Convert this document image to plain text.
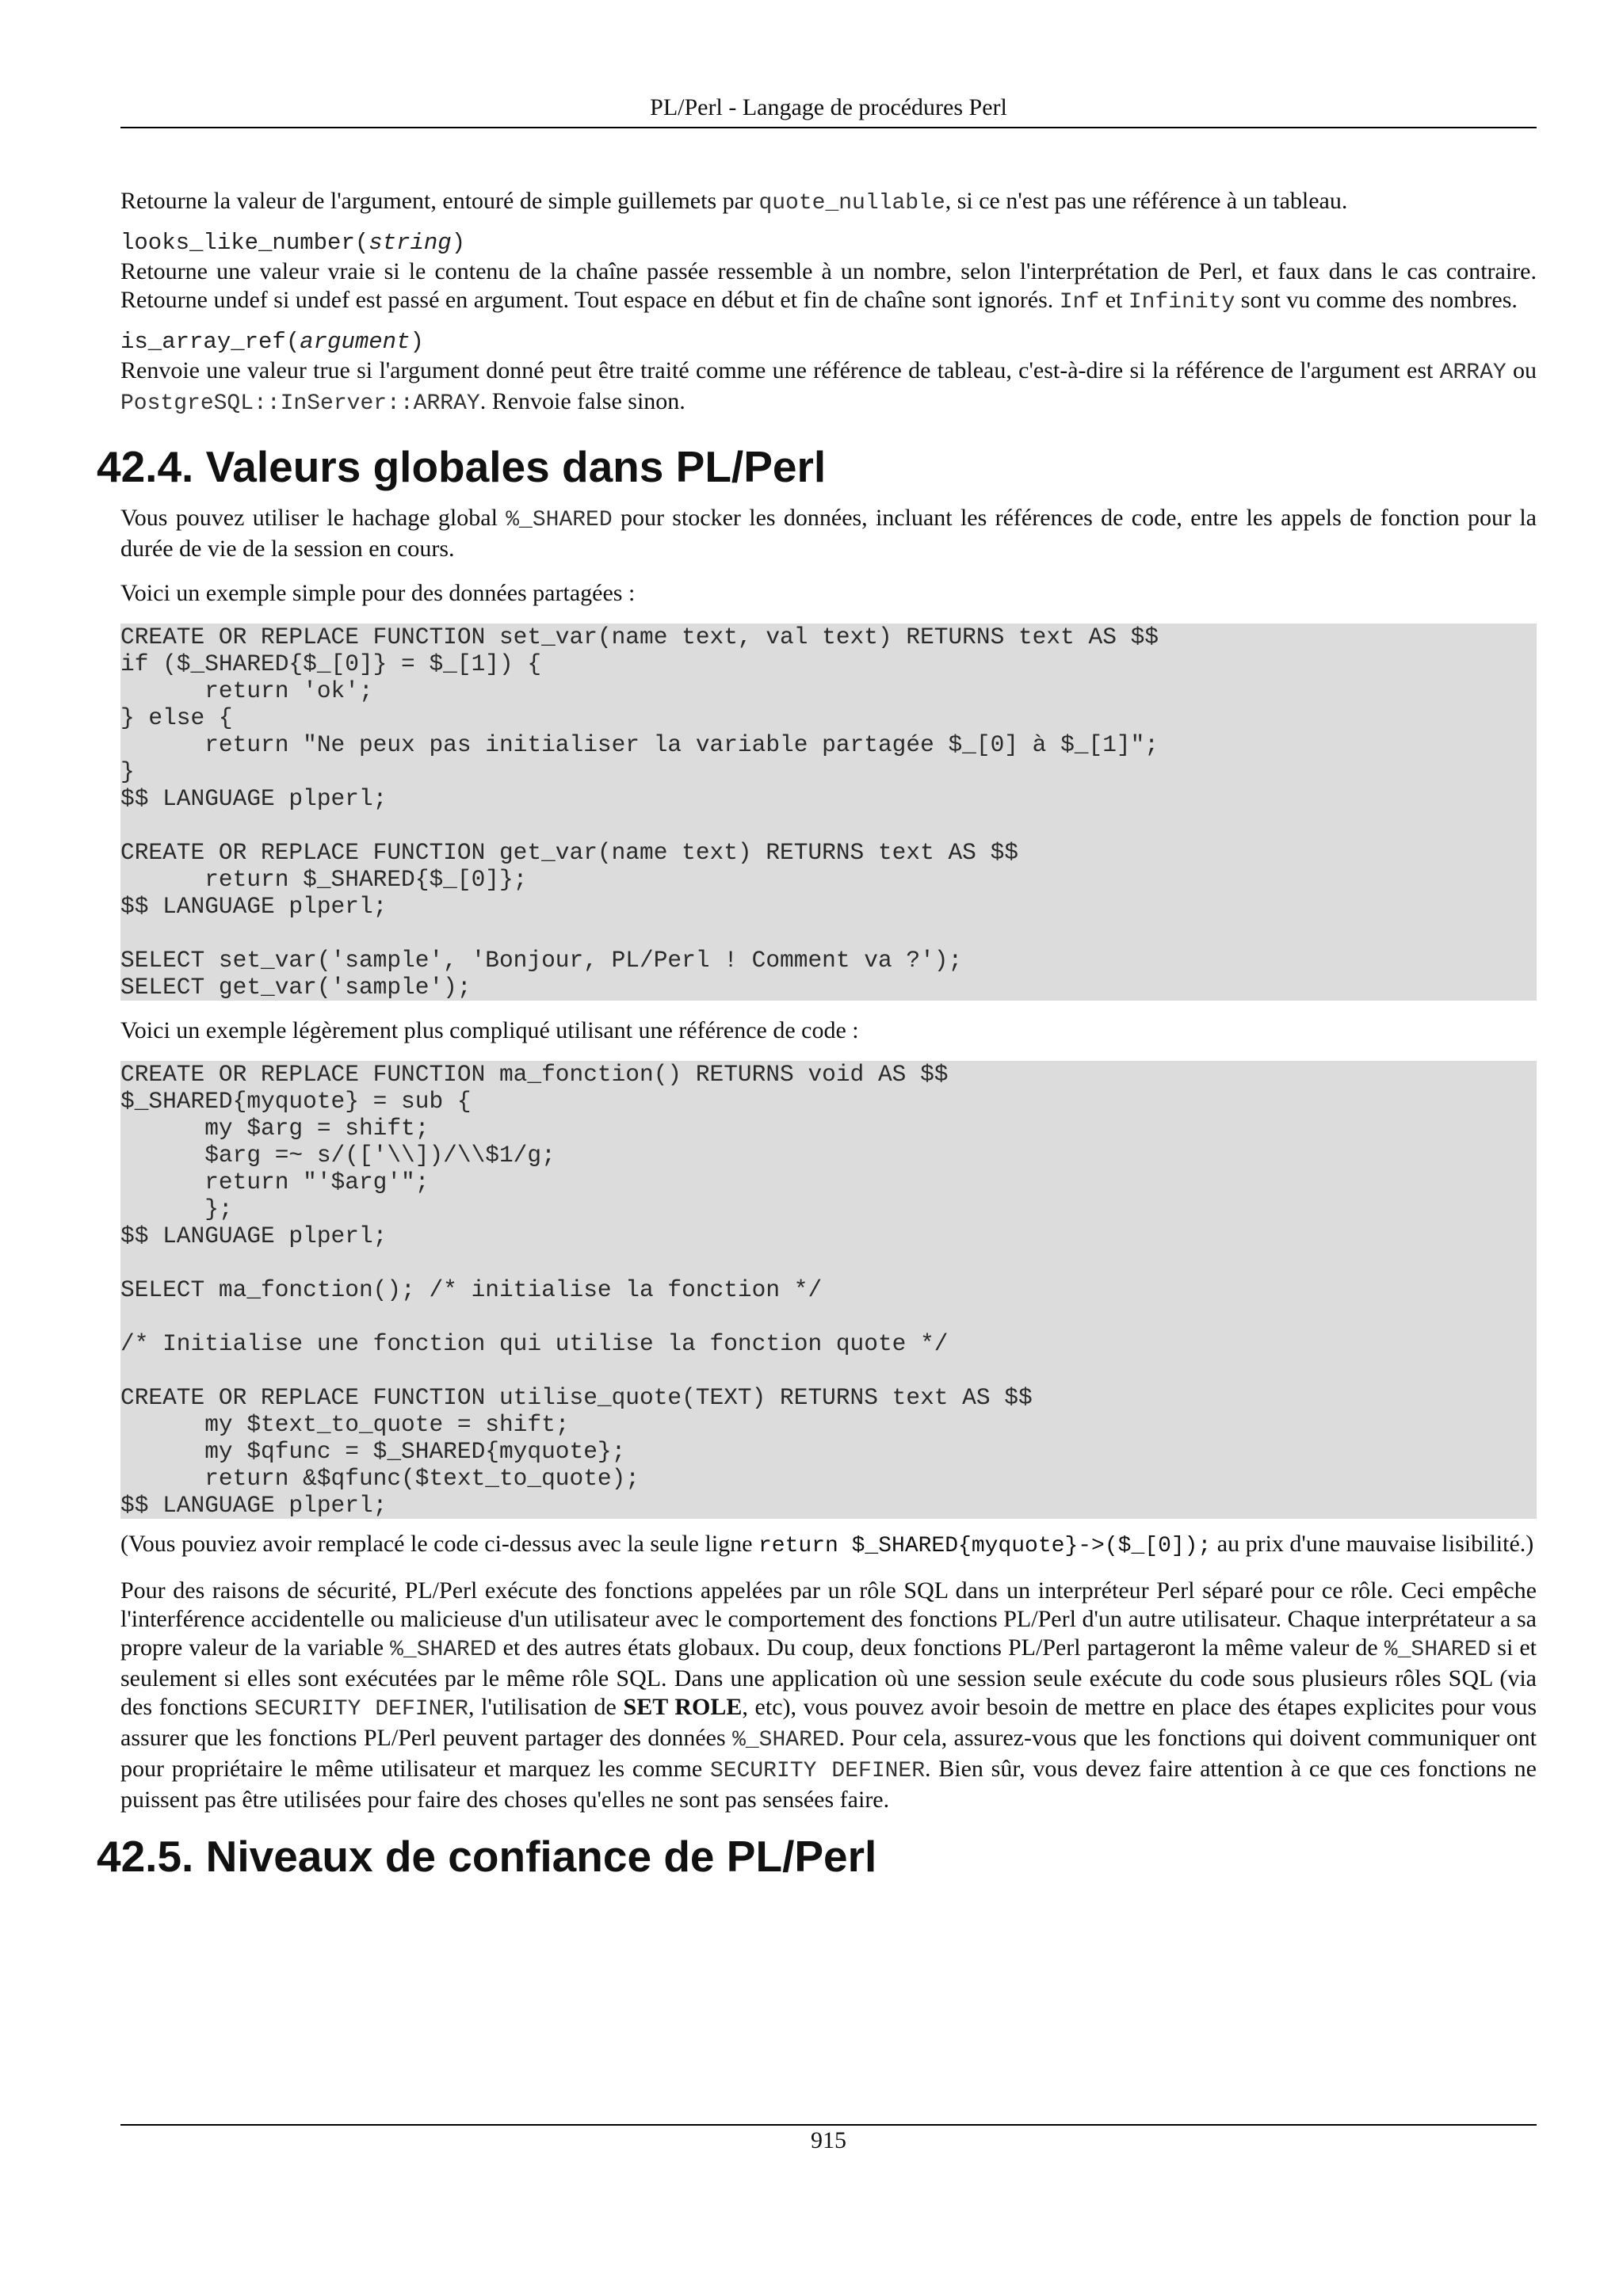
PL/Perl - Langage de procédures Perl

Retourne la valeur de l'argument, entouré de simple guillemets par quote_nullable, si ce n'est pas une référence à un tableau.

looks_like_number(string)

Retourne une valeur vraie si le contenu de la chaîne passée ressemble à un nombre, selon l'interprétation de Perl, et faux dans le cas contraire. Retourne undef si undef est passé en argument. Tout espace en début et fin de chaîne sont ignorés. Inf et Infinity sont vu comme des nombres.

is_array_ref(argument)

Renvoie une valeur true si l'argument donné peut être traité comme une référence de tableau, c'est-à-dire si la référence de l'argument est ARRAY ou PostgreSQL::InServer::ARRAY. Renvoie false sinon.

42.4. Valeurs globales dans PL/Perl

Vous pouvez utiliser le hachage global %_SHARED pour stocker les données, incluant les références de code, entre les appels de fonction pour la durée de vie de la session en cours.

Voici un exemple simple pour des données partagées :

CREATE OR REPLACE FUNCTION set_var(name text, val text) RETURNS text AS $$
if ($_SHARED{$_[0]} = $_[1]) {
return 'ok';
} else {
return "Ne peux pas initialiser la variable partagée $_[0] à $_[1]";
}
$$ LANGUAGE plperl;

CREATE OR REPLACE FUNCTION get_var(name text) RETURNS text AS $$
return $_SHARED{$_[0]};
$$ LANGUAGE plperl;

SELECT set_var('sample', 'Bonjour, PL/Perl ! Comment va ?');
SELECT get_var('sample');

Voici un exemple légèrement plus compliqué utilisant une référence de code :

CREATE OR REPLACE FUNCTION ma_fonction() RETURNS void AS $$
$_SHARED{myquote} = sub {
my $arg = shift;
$arg =~ s/(['\\])/\\$1/g;
return "'$arg'";
};
$$ LANGUAGE plperl;

SELECT ma_fonction(); /* initialise la fonction */

/* Initialise une fonction qui utilise la fonction quote */

CREATE OR REPLACE FUNCTION utilise_quote(TEXT) RETURNS text AS $$
my $text_to_quote = shift;
my $qfunc = $_SHARED{myquote};
return &$qfunc($text_to_quote);
$$ LANGUAGE plperl;

(Vous pouviez avoir remplacé le code ci-dessus avec la seule ligne return $_SHARED{myquote}->($_[0]); au prix d'une mauvaise lisibilité.)

Pour des raisons de sécurité, PL/Perl exécute des fonctions appelées par un rôle SQL dans un interpréteur Perl séparé pour ce rôle. Ceci empêche l'interférence accidentelle ou malicieuse d'un utilisateur avec le comportement des fonctions PL/Perl d'un autre utilisateur. Chaque interprétateur a sa propre valeur de la variable %_SHARED et des autres états globaux. Du coup, deux fonctions PL/Perl partageront la même valeur de %_SHARED si et seulement si elles sont exécutées par le même rôle SQL. Dans une application où une session seule exécute du code sous plusieurs rôles SQL (via des fonctions SECURITY DEFINER, l'utilisation de SET ROLE, etc), vous pouvez avoir besoin de mettre en place des étapes explicites pour vous assurer que les fonctions PL/Perl peuvent partager des données %_SHARED. Pour cela, assurez-vous que les fonctions qui doivent communiquer ont pour propriétaire le même utilisateur et marquez les comme SECURITY DEFINER. Bien sûr, vous devez faire attention à ce que ces fonctions ne puissent pas être utilisées pour faire des choses qu'elles ne sont pas sensées faire.

42.5. Niveaux de confiance de PL/Perl
915
